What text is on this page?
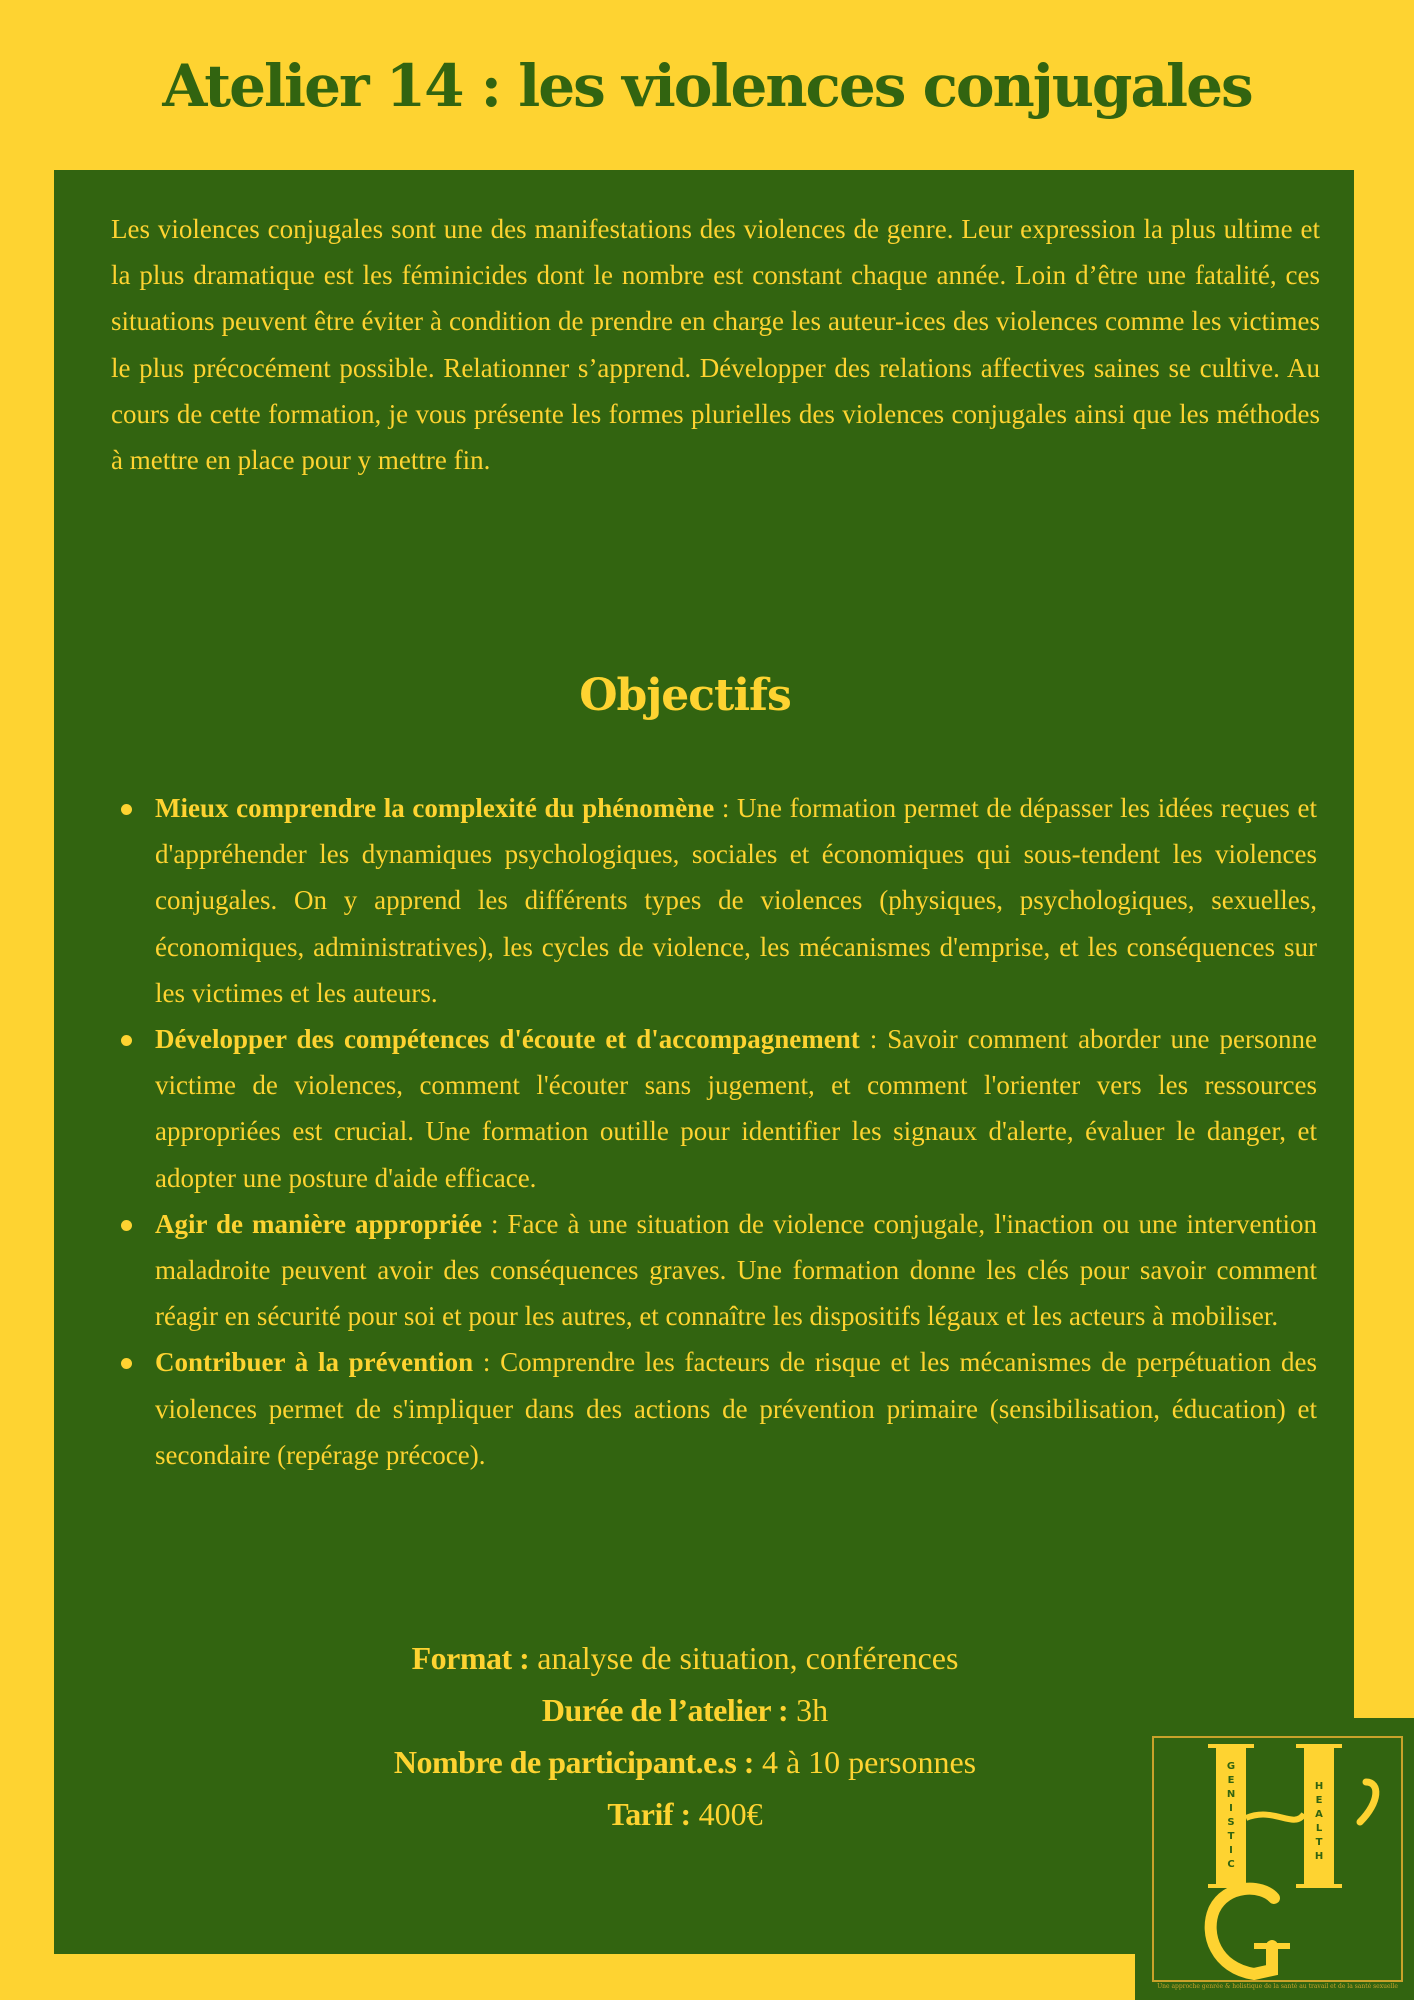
Atelier 14 : les violences conjugales

Les violences conjugales sont une des manifestations des violences de genre. Leur expression la plus ultime et la plus dramatique est les féminicides dont le nombre est constant chaque année. Loin d’être une fatalité, ces situations peuvent être éviter à condition de prendre en charge les auteur-ices des violences comme les victimes le plus précocément possible. Relationner s’apprend. Développer des relations affectives saines se cultive. Au cours de cette formation, je vous présente les formes plurielles des violences conjugales ainsi que les méthodes à mettre en place pour y mettre fin.

Objectifs
Mieux comprendre la complexité du phénomène : Une formation permet de dépasser les idées reçues et d'appréhender les dynamiques psychologiques, sociales et économiques qui sous-tendent les violences conjugales. On y apprend les différents types de violences (physiques, psychologiques, sexuelles, économiques, administratives), les cycles de violence, les mécanismes d'emprise, et les conséquences sur les victimes et les auteurs.
Développer des compétences d'écoute et d'accompagnement : Savoir comment aborder une personne victime de violences, comment l'écouter sans jugement, et comment l'orienter vers les ressources appropriées est crucial. Une formation outille pour identifier les signaux d'alerte, évaluer le danger, et adopter une posture d'aide efficace.
Agir de manière appropriée : Face à une situation de violence conjugale, l'inaction ou une intervention maladroite peuvent avoir des conséquences graves. Une formation donne les clés pour savoir comment réagir en sécurité pour soi et pour les autres, et connaître les dispositifs légaux et les acteurs à mobiliser.
Contribuer à la prévention : Comprendre les facteurs de risque et les mécanismes de perpétuation des violences permet de s'impliquer dans des actions de prévention primaire (sensibilisation, éducation) et secondaire (repérage précoce).
Format : analyse de situation, conférences
Durée de l’atelier : 3h
Nombre de participant.e.s : 4 à 10 personnes
Tarif : 400€
G
E
N
I
S
T
I
C
H
E
A
L
T
H
Une approche genrée & holistique de la santé au travail et de la santé sexuelle
